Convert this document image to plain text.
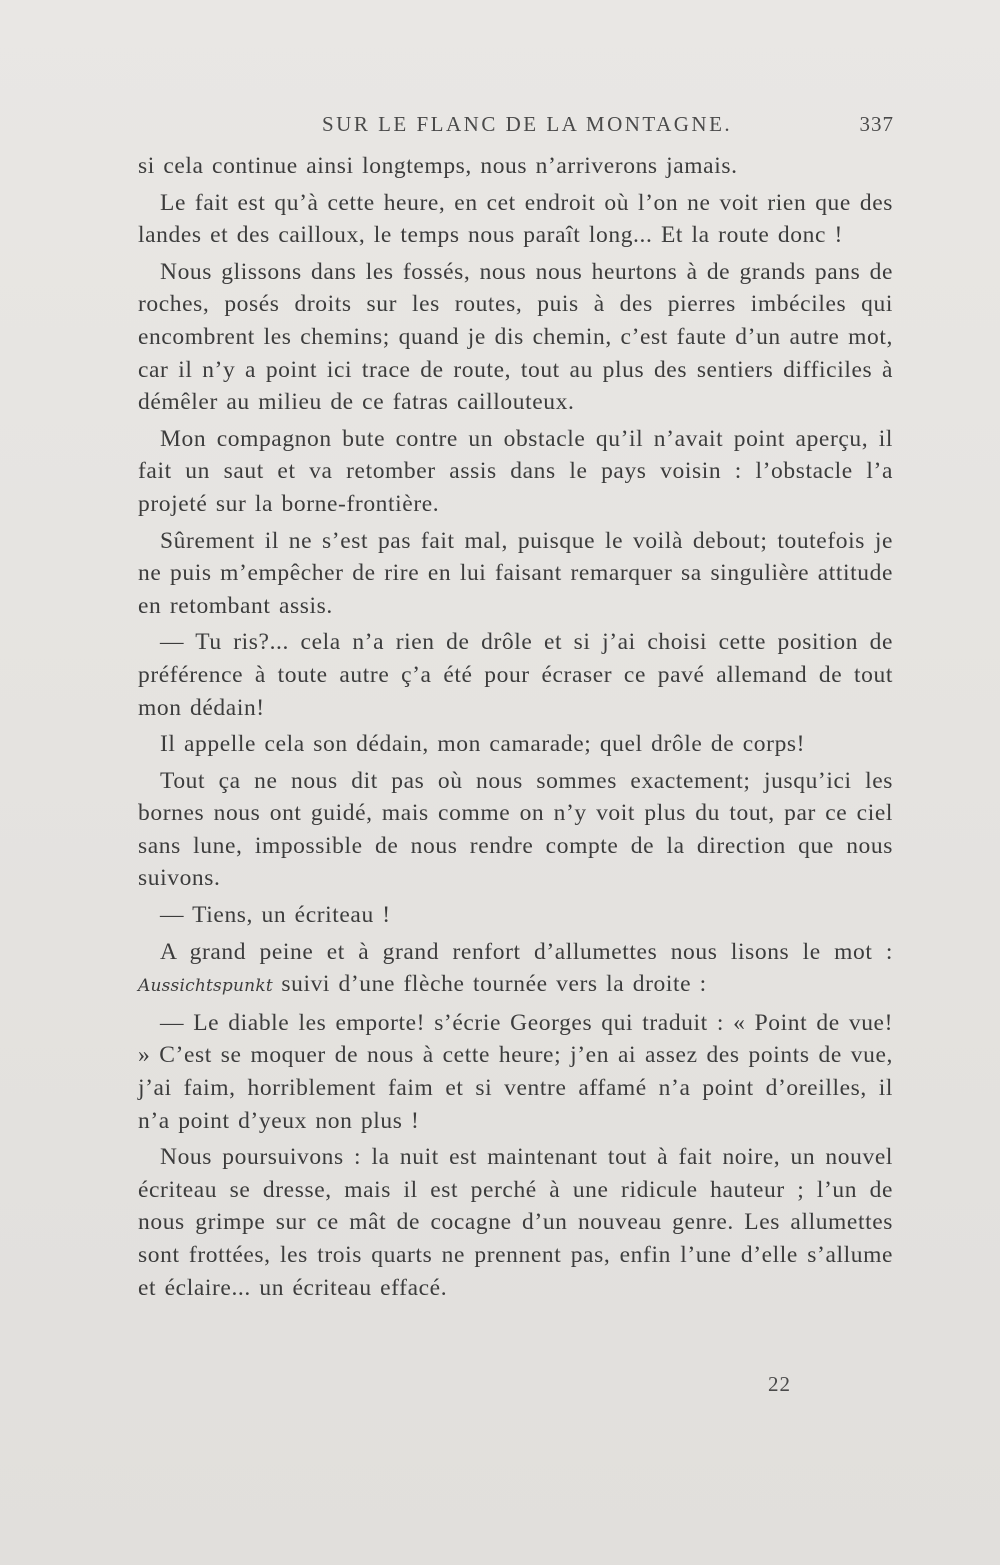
SUR LE FLANC DE LA MONTAGNE.	337

si cela continue ainsi longtemps, nous n’arriverons jamais.

Le fait est qu’à cette heure, en cet endroit où l’on ne voit rien que des landes et des cailloux, le temps nous paraît long... Et la route donc !

Nous glissons dans les fossés, nous nous heurtons à de grands pans de roches, posés droits sur les routes, puis à des pierres imbéciles qui encombrent les chemins; quand je dis chemin, c’est faute d’un autre mot, car il n’y a point ici trace de route, tout au plus des sentiers difficiles à démêler au milieu de ce fatras caillouteux.

Mon compagnon bute contre un obstacle qu’il n’avait point aperçu, il fait un saut et va retomber assis dans le pays voisin : l’obstacle l’a projeté sur la borne-frontière.

Sûrement il ne s’est pas fait mal, puisque le voilà debout; toutefois je ne puis m’empêcher de rire en lui faisant remarquer sa singulière attitude en retombant assis.

— Tu ris?... cela n’a rien de drôle et si j’ai choisi cette position de préférence à toute autre ç’a été pour écraser ce pavé allemand de tout mon dédain!

Il appelle cela son dédain, mon camarade; quel drôle de corps!

Tout ça ne nous dit pas où nous sommes exactement; jusqu’ici les bornes nous ont guidé, mais comme on n’y voit plus du tout, par ce ciel sans lune, impossible de nous rendre compte de la direction que nous suivons.

— Tiens, un écriteau !

A grand peine et à grand renfort d’allumettes nous lisons le mot : Aussichtspunkt suivi d’une flèche tournée vers la droite :

— Le diable les emporte! s’écrie Georges qui traduit : « Point de vue! » C’est se moquer de nous à cette heure; j’en ai assez des points de vue, j’ai faim, horriblement faim et si ventre affamé n’a point d’oreilles, il n’a point d’yeux non plus !

Nous poursuivons : la nuit est maintenant tout à fait noire, un nouvel écriteau se dresse, mais il est perché à une ridicule hauteur ; l’un de nous grimpe sur ce mât de cocagne d’un nouveau genre. Les allumettes sont frottées, les trois quarts ne prennent pas, enfin l’une d’elle s’allume et éclaire... un écriteau effacé.

22
